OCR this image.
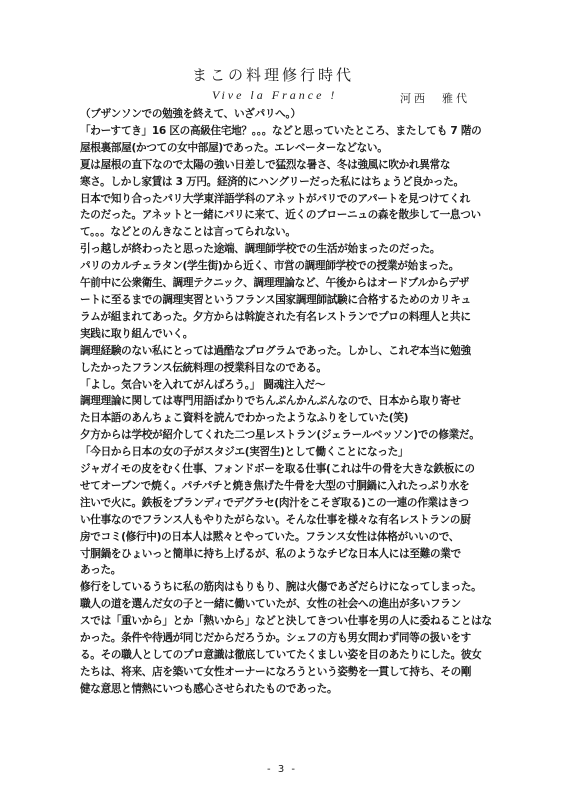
まこの料理修行時代
Vive la France !	河西　雅代

（ブザンソンでの勉強を終えて、いざパリへ。）

「わーすてき」16 区の高級住宅地？。。。などと思っていたところ、またしても 7 階の

屋根裏部屋(かつての女中部屋)であった。エレベーターなどない。

夏は屋根の直下なので太陽の強い日差しで猛烈な暑さ、冬は強風に吹かれ異常な

寒さ。しかし家賃は 3 万円。経済的にハングリーだった私にはちょうど良かった。

日本で知り合ったパリ大学東洋語学科のアネットがパリでのアパートを見つけてくれ

たのだった。アネットと一緒にパリに来て、近くのブローニュの森を散歩して一息つい

て。。。などとのんきなことは言ってられない。

引っ越しが終わったと思った途端、調理師学校での生活が始まったのだった。

パリのカルチェラタン(学生街)から近く、市営の調理師学校での授業が始まった。

午前中に公衆衛生、調理テクニック、調理理論など、午後からはオードブルからデザ

ートに至るまでの調理実習というフランス国家調理師試験に合格するためのカリキュ

ラムが組まれてあった。夕方からは斡旋された有名レストランでプロの料理人と共に

実践に取り組んでいく。

調理経験のない私にとっては過酷なプログラムであった。しかし、これぞ本当に勉強

したかったフランス伝統料理の授業科目なのである。

「よし。気合いを入れてがんばろう。」 闘魂注入だ～

調理理論に関しては専門用語ばかりでちんぷんかんぷんなので、日本から取り寄せ

た日本語のあんちょこ資料を読んでわかったようなふりをしていた(笑)

夕方からは学校が紹介してくれた二つ星レストラン(ジェラールベッソン)での修業だ。

「今日から日本の女の子がスタジエ(実習生)として働くことになった」

ジャガイモの皮をむく仕事、フォンドボーを取る仕事(これは牛の骨を大きな鉄板にの

せてオーブンで焼く。パチパチと焼き焦げた牛骨を大型の寸胴鍋に入れたっぷり水を

注いで火に。鉄板をブランディでデグラセ(肉汁をこそぎ取る)この一連の作業はきつ

い仕事なのでフランス人もやりたがらない。そんな仕事を様々な有名レストランの厨

房でコミ(修行中)の日本人は黙々とやっていた。フランス女性は体格がいいので、

寸胴鍋をひょいっと簡単に持ち上げるが、私のようなチビな日本人には至難の業で

あった。

修行をしているうちに私の筋肉はもりもり、腕は火傷であざだらけになってしまった。

職人の道を選んだ女の子と一緒に働いていたが、女性の社会への進出が多いフラン

スでは「重いから」とか「熱いから」などと決してきつい仕事を男の人に委ねることはな

かった。条件や待遇が同じだからだろうか。シェフの方も男女問わず同等の扱いをす

る。その職人としてのプロ意識は徹底していてたくましい姿を目のあたりにした。彼女

たちは、将来、店を築いて女性オーナーになろうという姿勢を一貫して持ち、その剛

健な意思と情熱にいつも感心させられたものであった。

- 3 -
